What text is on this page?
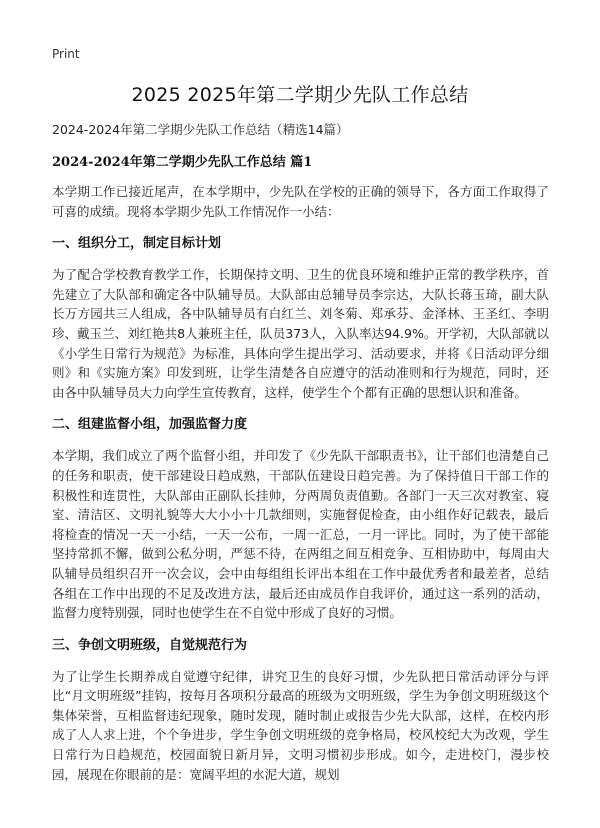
Print
2025 2025年第二学期少先队工作总结

2024-2024年第二学期少先队工作总结（精选14篇）

2024-2024年第二学期少先队工作总结 篇1

本学期工作已接近尾声，在本学期中，少先队在学校的正确的领导下，各方面工作取得了可喜的成绩。现将本学期少先队工作情况作一小结：

一、组织分工，制定目标计划

为了配合学校教育教学工作，长期保持文明、卫生的优良环境和维护正常的教学秩序，首先建立了大队部和确定各中队辅导员。大队部由总辅导员李宗达，大队长蒋玉琦，副大队长万方园共三人组成，各中队辅导员有白红兰、刘冬菊、郑承芬、金泽林、王圣红、李明珍、戴玉兰、刘红艳共8人兼班主任，队员373人，入队率达94.9%。开学初，大队部就以《小学生日常行为规范》为标准，具体向学生提出学习、活动要求，并将《日活动评分细则》和《实施方案》印发到班，让学生清楚各自应遵守的活动准则和行为规范，同时，还由各中队辅导员大力向学生宣传教育，这样，使学生个个都有正确的思想认识和准备。

二、组建监督小组，加强监督力度

本学期，我们成立了两个监督小组，并印发了《少先队干部职责书》，让干部们也清楚自己的任务和职责，使干部建设日趋成熟，干部队伍建设日趋完善。为了保持值日干部工作的积极性和连贯性，大队部由正副队长挂帅，分两周负责值勤。各部门一天三次对教室、寝室、清洁区、文明礼貌等大大小小十几款细则，实施督促检查，由小组作好记载表，最后将检查的情况一天一小结，一天一公布，一周一汇总，一月一评比。同时，为了使干部能坚持常抓不懈，做到公私分明，严惩不待，在两组之间互相竞争、互相协助中，每周由大队辅导员组织召开一次会议，会中由每组组长评出本组在工作中最优秀者和最差者，总结各组在工作中出现的不足及改进方法，最后还由成员作自我评价，通过这一系列的活动，监督力度特别强，同时也使学生在不自觉中形成了良好的习惯。

三、争创文明班级，自觉规范行为

为了让学生长期养成自觉遵守纪律，讲究卫生的良好习惯，少先队把日常活动评分与评比“月文明班级”挂钩，按每月各项积分最高的班级为文明班级，学生为争创文明班级这个集体荣誉，互相监督违纪现象，随时发现，随时制止或报告少先大队部，这样，在校内形成了人人求上进，个个争进步，学生争创文明班级的竞争格局，校风校纪大为改观，学生日常行为日趋规范，校园面貌日新月异，文明习惯初步形成。如今，走进校门，漫步校园，展现在你眼前的是：宽阔平坦的水泥大道，规划
